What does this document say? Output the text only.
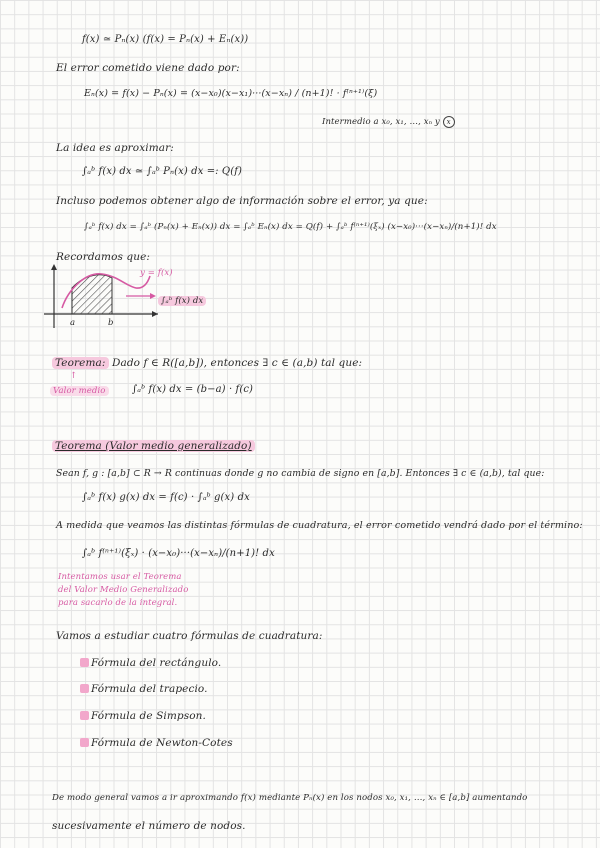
f(x) ≃ Pₙ(x) (f(x) = Pₙ(x) + Eₙ(x))
El error cometido viene dado por:
Eₙ(x) = f(x) − Pₙ(x) = (x−x₀)(x−x₁)···(x−xₙ) / (n+1)! · f⁽ⁿ⁺¹⁾(ξ)
Intermedio a x₀, x₁, …, xₙ y x
La idea es aproximar:
∫ₐᵇ f(x) dx ≃ ∫ₐᵇ Pₙ(x) dx =: Q(f)
Incluso podemos obtener algo de información sobre el error, ya que:
∫ₐᵇ f(x) dx = ∫ₐᵇ (Pₙ(x) + Eₙ(x)) dx = ∫ₐᵇ Eₙ(x) dx = Q(f) + ∫ₐᵇ f⁽ⁿ⁺¹⁾(ξₓ) (x−x₀)···(x−xₙ)/(n+1)! dx
Recordamos que:
y = f(x)
∫ₐᵇ f(x) dx
a	b
Teorema: Dado f ∈ R([a,b]), entonces ∃ c ∈ (a,b) tal que:
↑
Valor medio	∫ₐᵇ f(x) dx = (b−a) · f(c)
Teorema (Valor medio generalizado)
Sean f, g : [a,b] ⊂ R → R continuas donde g no cambia de signo en [a,b]. Entonces ∃ c ∈ (a,b), tal que:
∫ₐᵇ f(x) g(x) dx = f(c) · ∫ₐᵇ g(x) dx
A medida que veamos las distintas fórmulas de cuadratura, el error cometido vendrá dado por el término:
∫ₐᵇ f⁽ⁿ⁺¹⁾(ξₓ) · (x−x₀)···(x−xₙ)/(n+1)! dx
Intentamos usar el Teorema
del Valor Medio Generalizado
para sacarlo de la integral.
Vamos a estudiar cuatro fórmulas de cuadratura:
Fórmula del rectángulo.
Fórmula del trapecio.
Fórmula de Simpson.
Fórmula de Newton-Cotes
De modo general vamos a ir aproximando f(x) mediante Pₙ(x) en los nodos x₀, x₁, …, xₙ ∈ [a,b] aumentando
sucesivamente el número de nodos.
